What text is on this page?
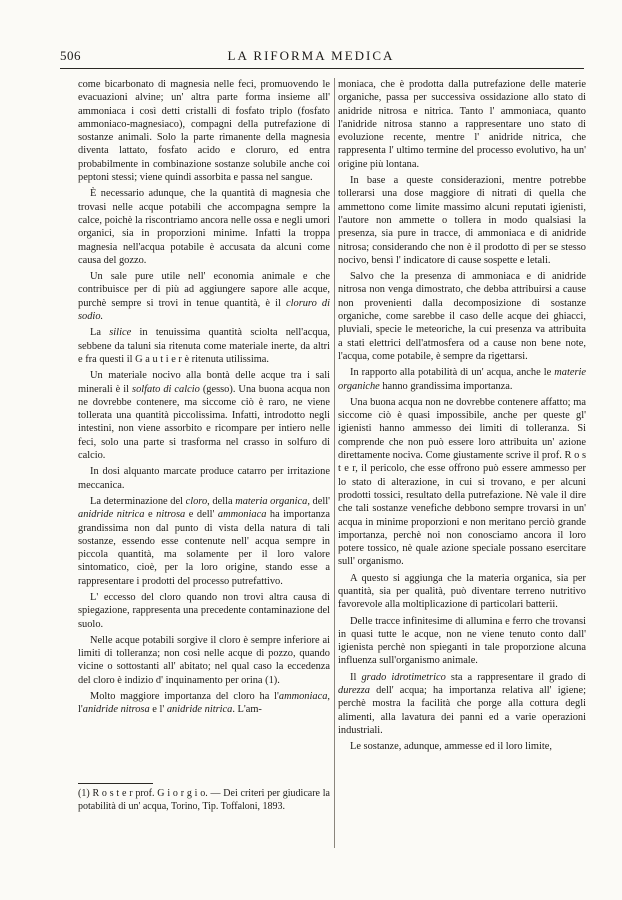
506	LA RIFORMA MEDICA

come bicarbonato di magnesia nelle feci, promuovendo le evacuazioni alvine; un' altra parte forma insieme all' ammoniaca i così detti cristalli di fosfato triplo (fosfato ammoniaco-magnesiaco), compagni della putrefazione di sostanze animali. Solo la parte rimanente della magnesia diventa lattato, fosfato acido e cloruro, ed entra probabilmente in combinazione sostanze solubile anche coi peptoni stessi; viene quindi assorbita e passa nel sangue.

È necessario adunque, che la quantità di magnesia che trovasi nelle acque potabili che accompagna sempre la calce, poichè la riscontriamo ancora nelle ossa e negli umori organici, sia in proporzioni minime. Infatti la troppa magnesia nell'acqua potabile è accusata da alcuni come causa del gozzo.

Un sale pure utile nell' economia animale e che contribuisce per di più ad aggiungere sapore alle acque, purchè sempre si trovi in tenue quantità, è il cloruro di sodio.

La silice in tenuissima quantità sciolta nell'acqua, sebbene da taluni sia ritenuta come materiale inerte, da altri e fra questi il G a u t i e r è ritenuta utilissima.

Un materiale nocivo alla bontà delle acque tra i sali minerali è il solfato di calcio (gesso). Una buona acqua non ne dovrebbe contenere, ma siccome ciò è raro, ne viene tollerata una quantità piccolissima. Infatti, introdotto negli intestini, non viene assorbito e ricompare per intiero nelle feci, solo una parte si trasforma nel crasso in solfuro di calcio.

In dosi alquanto marcate produce catarro per irritazione meccanica.

La determinazione del cloro, della materia organica, dell' anidride nitrica e nitrosa e dell' ammoniaca ha importanza grandissima non dal punto di vista della natura di tali sostanze, essendo esse contenute nell' acqua sempre in piccola quantità, ma solamente per il loro valore sintomatico, cioè, per la loro origine, stando esse a rappresentare i prodotti del processo putrefattivo.

L' eccesso del cloro quando non trovi altra causa di spiegazione, rappresenta una precedente contaminazione del suolo.

Nelle acque potabili sorgive il cloro è sempre inferiore ai limiti di tolleranza; non così nelle acque di pozzo, quando vicine o sottostanti all' abitato; nel qual caso la eccedenza del cloro è indizio d' inquinamento per orina (1).

Molto maggiore importanza del cloro ha l'ammoniaca, l'anidride nitrosa e l' anidride nitrica. L'am-

(1) R o s t e r prof. G i o r g i o. — Dei criteri per giudicare la potabilità di un' acqua, Torino, Tip. Toffaloni, 1893.

moniaca, che è prodotta dalla putrefazione delle materie organiche, passa per successiva ossidazione allo stato di anidride nitrosa e nitrica. Tanto l' ammoniaca, quanto l'anidride nitrosa stanno a rappresentare uno stato di evoluzione recente, mentre l' anidride nitrica, che rappresenta l' ultimo termine del processo evolutivo, ha un' origine più lontana.

In base a queste considerazioni, mentre potrebbe tollerarsi una dose maggiore di nitrati di quella che ammettono come limite massimo alcuni reputati igienisti, l'autore non ammette o tollera in modo qualsiasi la presenza, sia pure in tracce, di ammoniaca e di anidride nitrosa; considerando che non è il prodotto di per se stesso nocivo, bensì l' indicatore di cause sospette e letali.

Salvo che la presenza di ammoniaca e di anidride nitrosa non venga dimostrato, che debba attribuirsi a cause non provenienti dalla decomposizione di sostanze organiche, come sarebbe il caso delle acque dei ghiacci, pluviali, specie le meteoriche, la cui presenza va attribuita a stati elettrici dell'atmosfera od a cause non bene note, l'acqua, come potabile, è sempre da rigettarsi.

In rapporto alla potabilità di un' acqua, anche le materie organiche hanno grandissima importanza.

Una buona acqua non ne dovrebbe contenere affatto; ma siccome ciò è quasi impossibile, anche per queste gl' igienisti hanno ammesso dei limiti di tolleranza. Si comprende che non può essere loro attribuita un' azione direttamente nociva. Come giustamente scrive il prof. R o s t e r, il pericolo, che esse offrono può essere ammesso per lo stato di alterazione, in cui si trovano, e per alcuni prodotti tossici, resultato della putrefazione. Nè vale il dire che tali sostanze venefiche debbono sempre trovarsi in un' acqua in minime proporzioni e non meritano perciò grande importanza, perchè noi non conosciamo ancora il loro potere tossico, nè quale azione speciale possano esercitare sull' organismo.

A questo si aggiunga che la materia organica, sia per quantità, sia per qualità, può diventare terreno nutritivo favorevole alla moltiplicazione di particolari batterii.

Delle tracce infinitesime di allumina e ferro che trovansi in quasi tutte le acque, non ne viene tenuto conto dall' igienista perchè non spieganti in tale proporzione alcuna influenza sull'organismo animale.

Il grado idrotimetrico sta a rappresentare il grado di durezza dell' acqua; ha importanza relativa all' igiene; perchè mostra la facilità che porge alla cottura degli alimenti, alla lavatura dei panni ed a varie operazioni industriali.

Le sostanze, adunque, ammesse ed il loro limite,
